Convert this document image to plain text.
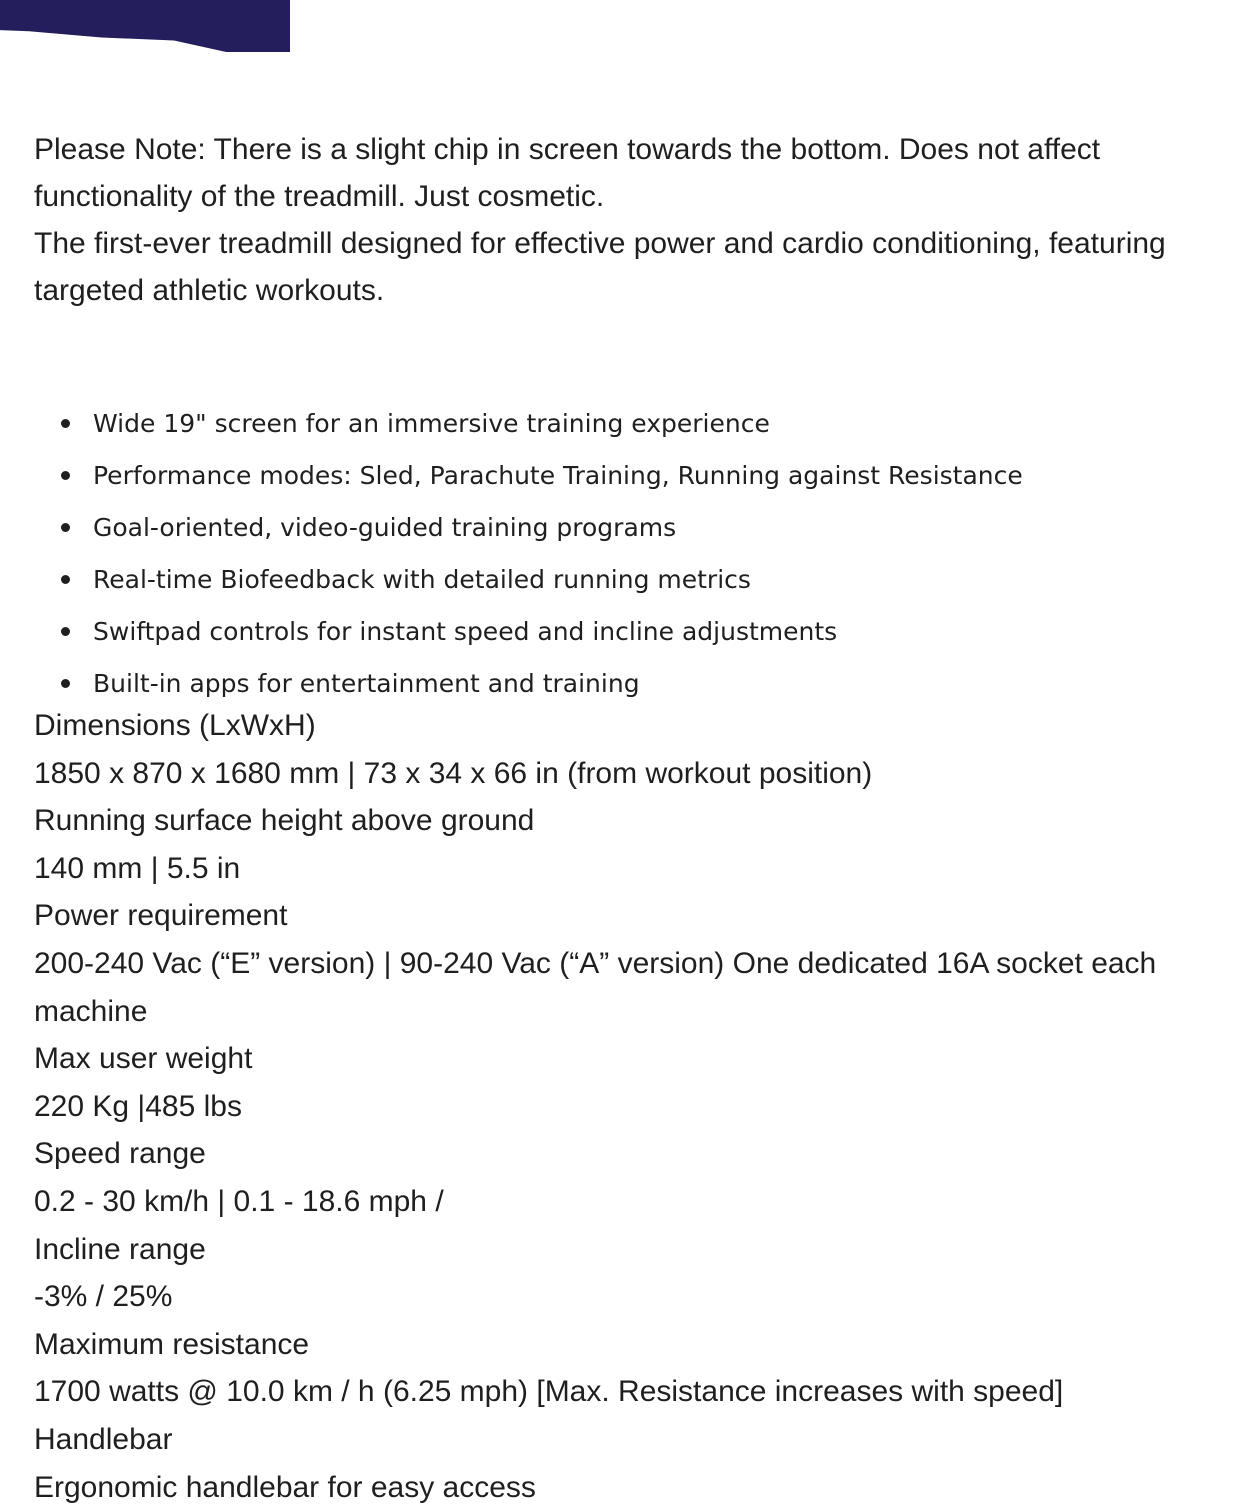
Please Note: There is a slight chip in screen towards the bottom. Does not affect functionality of the treadmill. Just cosmetic.

The first-ever treadmill designed for effective power and cardio conditioning, featuring targeted athletic workouts.

Wide 19" screen for an immersive training experience
Performance modes: Sled, Parachute Training, Running against Resistance
Goal-oriented, video-guided training programs
Real-time Biofeedback with detailed running metrics
Swiftpad controls for instant speed and incline adjustments
Built-in apps for entertainment and training
Dimensions (LxWxH)
1850 x 870 x 1680 mm | 73 x 34 x 66 in (from workout position)
Running surface height above ground
140 mm | 5.5 in
Power requirement
200-240 Vac (“E” version) | 90-240 Vac (“A” version) One dedicated 16A socket each machine
Max user weight
220 Kg |485 lbs
Speed range
0.2 - 30 km/h | 0.1 - 18.6 mph /
Incline range
-3% / 25%
Maximum resistance
1700 watts @ 10.0 km / h (6.25 mph) [Max. Resistance increases with speed]
Handlebar
Ergonomic handlebar for easy access
